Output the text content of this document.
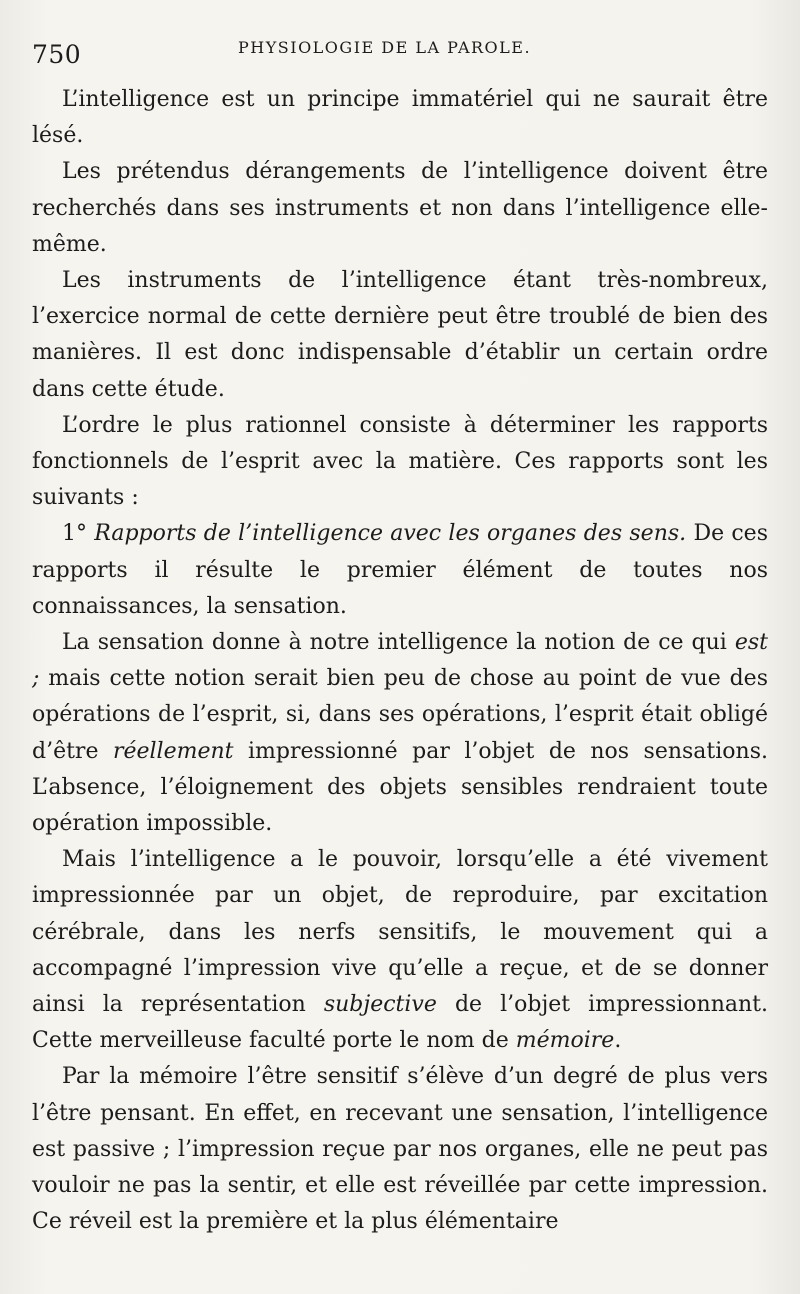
750	PHYSIOLOGIE DE LA PAROLE.

L’intelligence est un principe immatériel qui ne saurait être lésé.

Les prétendus dérangements de l’intelligence doivent être recherchés dans ses instruments et non dans l’intelligence elle-même.

Les instruments de l’intelligence étant très-nombreux, l’exercice normal de cette dernière peut être troublé de bien des manières. Il est donc indispensable d’établir un certain ordre dans cette étude.

L’ordre le plus rationnel consiste à déterminer les rapports fonctionnels de l’esprit avec la matière. Ces rapports sont les suivants :

1° Rapports de l’intelligence avec les organes des sens. De ces rapports il résulte le premier élément de toutes nos connaissances, la sensation.

La sensation donne à notre intelligence la notion de ce qui est ; mais cette notion serait bien peu de chose au point de vue des opérations de l’esprit, si, dans ses opérations, l’esprit était obligé d’être réellement impressionné par l’objet de nos sensations. L’absence, l’éloignement des objets sensibles rendraient toute opération impossible.

Mais l’intelligence a le pouvoir, lorsqu’elle a été vivement impressionnée par un objet, de reproduire, par excitation cérébrale, dans les nerfs sensitifs, le mouvement qui a accompagné l’impression vive qu’elle a reçue, et de se donner ainsi la représentation subjective de l’objet impressionnant. Cette merveilleuse faculté porte le nom de mémoire.

Par la mémoire l’être sensitif s’élève d’un degré de plus vers l’être pensant. En effet, en recevant une sensation, l’intelligence est passive ; l’impression reçue par nos organes, elle ne peut pas vouloir ne pas la sentir, et elle est réveillée par cette impression. Ce réveil est la première et la plus élémentaire
